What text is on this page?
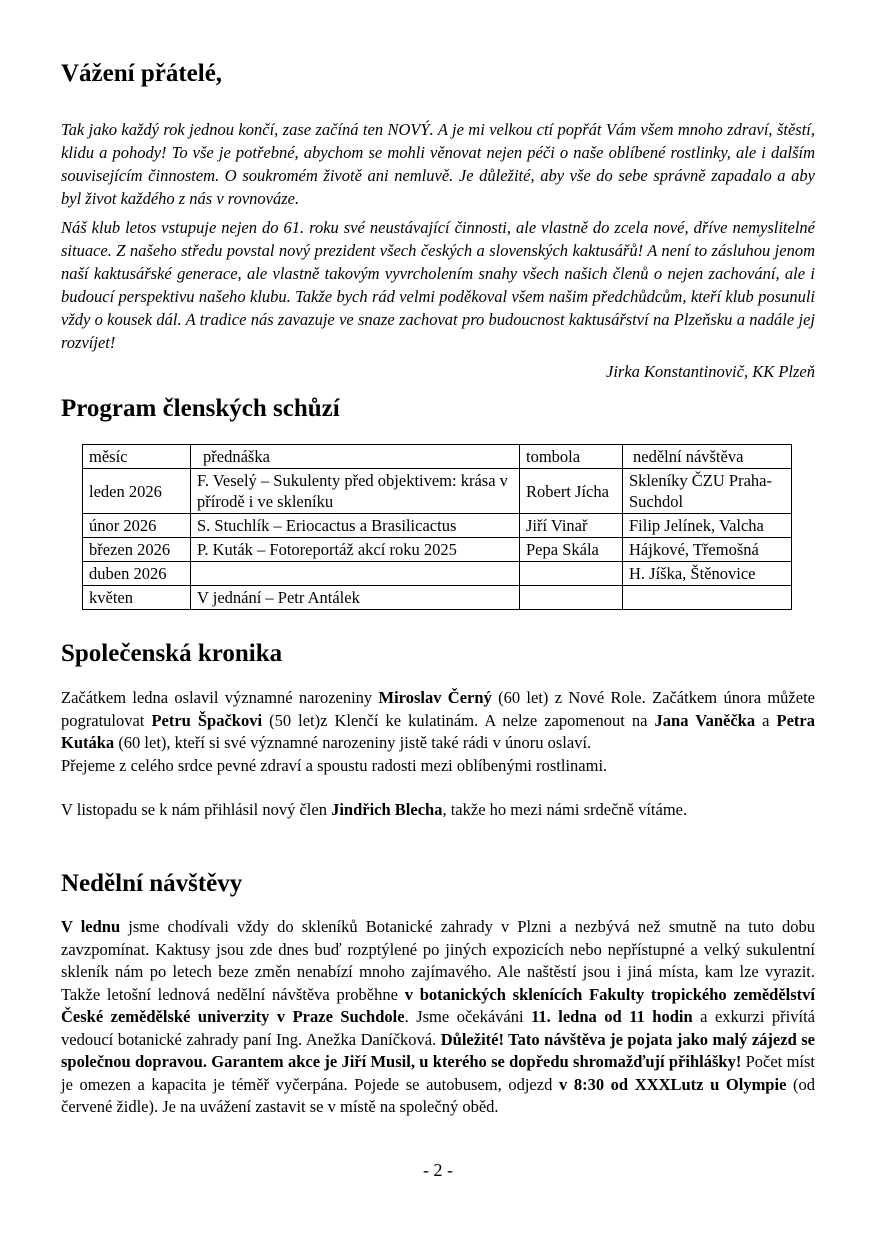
Vážení přátelé,

Tak jako každý rok jednou končí, zase začíná ten NOVÝ. A je mi velkou ctí popřát Vám všem mnoho zdraví, štěstí, klidu a pohody! To vše je potřebné, abychom se mohli věnovat nejen péči o naše oblíbené rostlinky, ale i dalším souvisejícím činnostem. O soukromém životě ani nemluvě. Je důležité, aby vše do sebe správně zapadalo a aby byl život každého z nás v rovnováze.

Náš klub letos vstupuje nejen do 61. roku své neustávající činnosti, ale vlastně do zcela nové, dříve nemyslitelné situace. Z našeho středu povstal nový prezident všech českých a slovenských kaktusářů! A není to zásluhou jenom naší kaktusářské generace, ale vlastně takovým vyvrcholením snahy všech našich členů o nejen zachování, ale i budoucí perspektivu našeho klubu. Takže bych rád velmi poděkoval všem našim předchůdcům, kteří klub posunuli vždy o kousek dál. A tradice nás zavazuje ve snaze zachovat pro budoucnost kaktusářství na Plzeňsku a nadále jej rozvíjet!

Jirka Konstantinovič, KK Plzeň
Program členských schůzí
měsíc	přednáška	tombola	nedělní návštěva
leden 2026	F. Veselý – Sukulenty před objektivem: krása v přírodě i ve skleníku	Robert Jícha	Skleníky ČZU Praha-Suchdol
únor 2026	S. Stuchlík – Eriocactus a Brasilicactus	Jiří Vinař	Filip Jelínek, Valcha
březen 2026	P. Kuták – Fotoreportáž akcí roku 2025	Pepa Skála	Hájkové, Třemošná
duben 2026			H. Jíška, Štěnovice
květen	V jednání – Petr Antálek		
Společenská kronika

Začátkem ledna oslavil významné narozeniny Miroslav Černý (60 let) z Nové Role. Začátkem února můžete pogratulovat Petru Špačkovi (50 let)z Klenčí ke kulatinám. A nelze zapomenout na Jana Vaněčka a Petra Kutáka (60 let), kteří si své významné narozeniny jistě také rádi v únoru oslaví.

Přejeme z celého srdce pevné zdraví a spoustu radosti mezi oblíbenými rostlinami.

V listopadu se k nám přihlásil nový člen Jindřich Blecha, takže ho mezi námi srdečně vítáme.

Nedělní návštěvy

V lednu jsme chodívali vždy do skleníků Botanické zahrady v Plzni a nezbývá než smutně na tuto dobu zavzpomínat. Kaktusy jsou zde dnes buď rozptýlené po jiných expozicích nebo nepřístupné a velký sukulentní skleník nám po letech beze změn nenabízí mnoho zajímavého. Ale naštěstí jsou i jiná místa, kam lze vyrazit. Takže letošní lednová nedělní návštěva proběhne v botanických sklenících Fakulty tropického zemědělství České zemědělské univerzity v Praze Suchdole. Jsme očekáváni 11. ledna od 11 hodin a exkurzi přivítá vedoucí botanické zahrady paní Ing. Anežka Daníčková. Důležité! Tato návštěva je pojata jako malý zájezd se společnou dopravou. Garantem akce je Jiří Musil, u kterého se dopředu shromažďují přihlášky! Počet míst je omezen a kapacita je téměř vyčerpána. Pojede se autobusem, odjezd v 8:30 od XXXLutz u Olympie (od červené židle). Je na uvážení zastavit se v místě na společný oběd.

- 2 -
